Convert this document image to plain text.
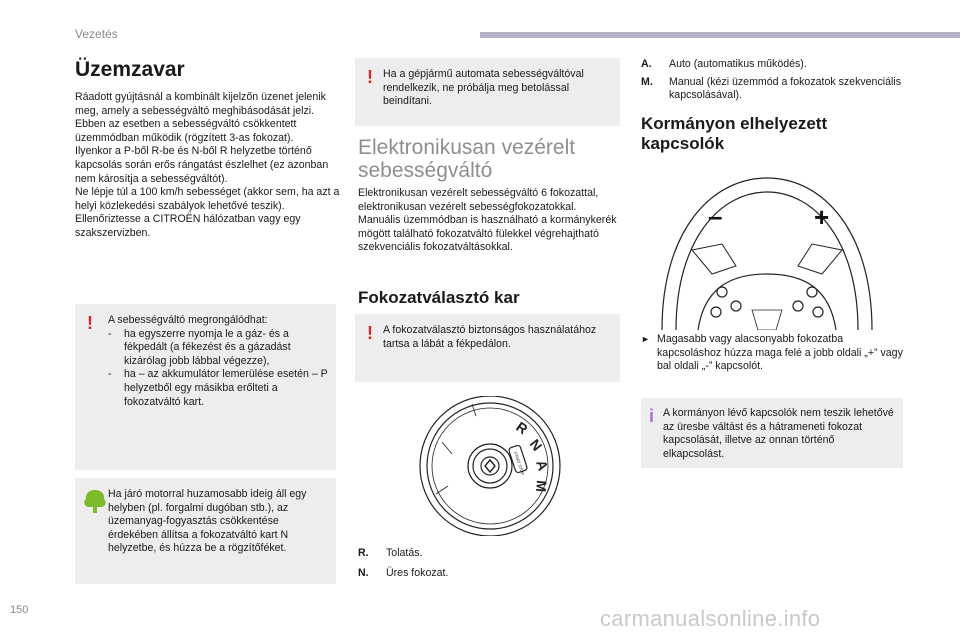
Vezetés
Üzemzavar

Ráadott gyújtásnál a kombinált kijelzőn üzenet jelenik meg, amely a sebességváltó meghibásodását jelzi.

Ebben az esetben a sebességváltó csökkentett üzemmódban működik (rögzített 3-as fokozat).

Ilyenkor a P-ből R-be és N-ből R helyzetbe történő kapcsolás során erős rángatást észlelhet (ez azonban nem károsítja a sebességváltót).

Ne lépje túl a 100 km/h sebességet (akkor sem, ha azt a helyi közlekedési szabályok lehetővé teszik).

Ellenőriztesse a CITROËN hálózatban vagy egy szakszervizben.

! A sebességváltó megrongálódhat:

- ha egyszerre nyomja le a gáz- és a fékpedált (a fékezést és a gázadást kizárólag jobb lábbal végezze),
- ha – az akkumulátor lemerülése esetén – P helyzetből egy másikba erőlteti a fokozatváltó kart.
Ha járó motorral huzamosabb ideig áll egy helyben (pl. forgalmi dugóban stb.), az üzemanyag-fogyasztás csökkentése érdekében állítsa a fokozatváltó kart N helyzetbe, és húzza be a rögzítőféket.
! Ha a gépjármű automata sebességváltóval rendelkezik, ne próbálja meg betolással beindítani.
Elektronikusan vezérelt sebességváltó
Elektronikusan vezérelt sebességváltó 6 fokozattal, elektronikusan vezérelt sebességfokozatokkal. Manuális üzemmódban is használható a kormánykerék mögött található fokozatváltó fülekkel végrehajtható szekvenciális fokozatváltásokkal.
Fokozatválasztó kar
! A fokozatválasztó biztonságos használatához tartsa a lábát a fékpedálon.
R
N
A
M
START STOP
R. Tolatás.
N. Üres fokozat.
A. Auto (automatikus működés).
M. Manual (kézi üzemmód a fokozatok szekvenciális kapcsolásával).
Kormányon elhelyezett kapcsolók
–	+
► Magasabb vagy alacsonyabb fokozatba kapcsoláshoz húzza maga felé a jobb oldali „+” vagy bal oldali „-” kapcsolót.
i A kormányon lévő kapcsolók nem teszik lehetővé az üresbe váltást és a hátrameneti fokozat kapcsolását, illetve az onnan történő elkapcsolást.
150	carmanualsonline.info
